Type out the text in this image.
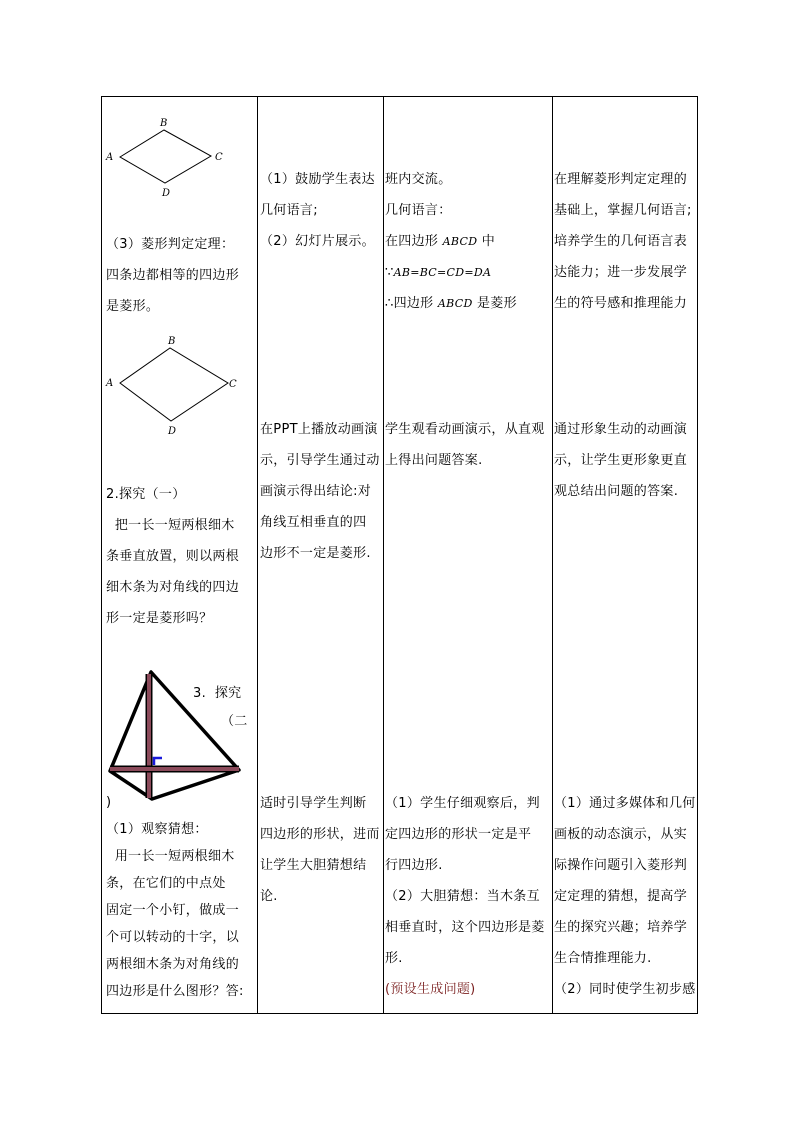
B
A	C
D
（3）菱形判定定理：
四条边都相等的四边形
是菱形。
B
A	C
D
2.探究（一）
把一长一短两根细木
条垂直放置，则以两根
细木条为对角线的四边
形一定是菱形吗？
3.  探究
（二
)
（1）观察猜想：
用一长一短两根细木
条，在它们的中点处
固定一个小钉，做成一
个可以转动的十字，以
两根细木条为对角线的
四边形是什么图形？答:
（1）鼓励学生表达
几何语言;
（2）幻灯片展示。
在PPT上播放动画演
示，引导学生通过动
画演示得出结论:对
角线互相垂直的四
边形不一定是菱形.
适时引导学生判断
四边形的形状，进而
让学生大胆猜想结
论.
班内交流。
几何语言：
在四边形 ABCD 中
∵AB=BC=CD=DA
∴四边形 ABCD 是菱形
学生观看动画演示，从直观
上得出问题答案.
（1）学生仔细观察后，判
定四边形的形状一定是平
行四边形.
（2）大胆猜想：当木条互
相垂直时，这个四边形是菱
形.
(预设生成问题)
在理解菱形判定定理的
基础上，掌握几何语言;
培养学生的几何语言表
达能力；进一步发展学
生的符号感和推理能力
通过形象生动的动画演
示，让学生更形象更直
观总结出问题的答案.
（1）通过多媒体和几何
画板的动态演示，从实
际操作问题引入菱形判
定定理的猜想，提高学
生的探究兴趣；培养学
生合情推理能力.
（2）同时使学生初步感
